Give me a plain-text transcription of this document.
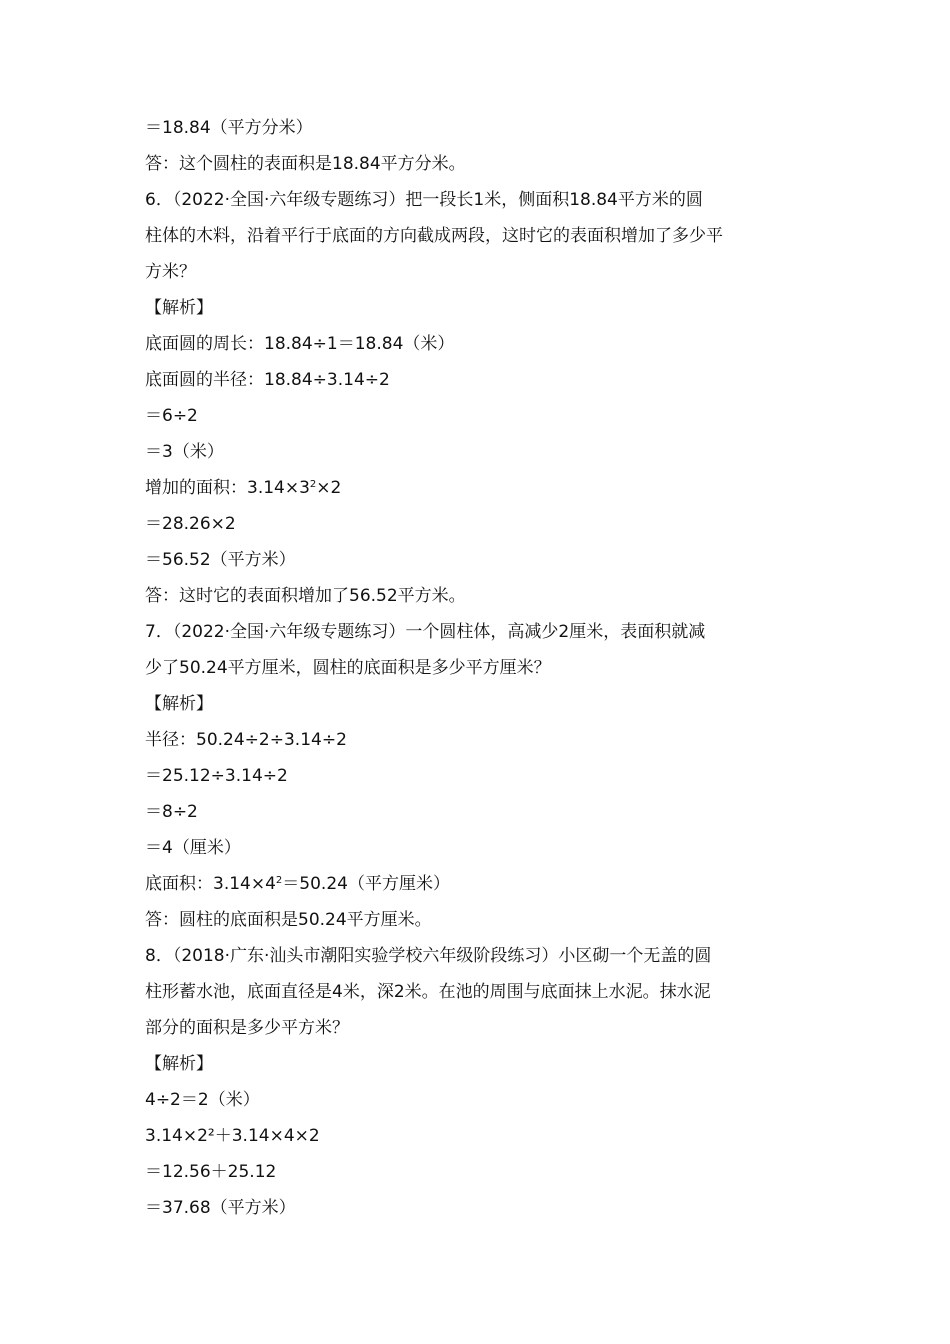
＝18.84（平方分米）
答：这个圆柱的表面积是18.84平方分米。
6．（2022·全国·六年级专题练习）把一段长1米，侧面积18.84平方米的圆
柱体的木料，沿着平行于底面的方向截成两段，这时它的表面积增加了多少平
方米？
【解析】
底面圆的周长：18.84÷1＝18.84（米）
底面圆的半径：18.84÷3.14÷2
＝6÷2
＝3（米）
增加的面积：$3.14\times 3^2\times 2$
＝28.26×2
＝56.52（平方米）
答：这时它的表面积增加了56.52平方米。
7．（2022·全国·六年级专题练习）一个圆柱体，高减少2厘米，表面积就减
少了50.24平方厘米，圆柱的底面积是多少平方厘米？
【解析】
半径：50.24÷2÷3.14÷2
＝25.12÷3.14÷2
＝8÷2
＝4（厘米）
底面积：$3.14\times 4^2=50.24$（平方厘米）
答：圆柱的底面积是50.24平方厘米。
8．（2018·广东·汕头市潮阳实验学校六年级阶段练习）小区砌一个无盖的圆
柱形蓄水池，底面直径是4米，深2米。在池的周围与底面抹上水泥。抹水泥
部分的面积是多少平方米？
【解析】
4÷2＝2（米）
3.14×2²＋3.14×4×2
＝12.56＋25.12
＝37.68（平方米）
